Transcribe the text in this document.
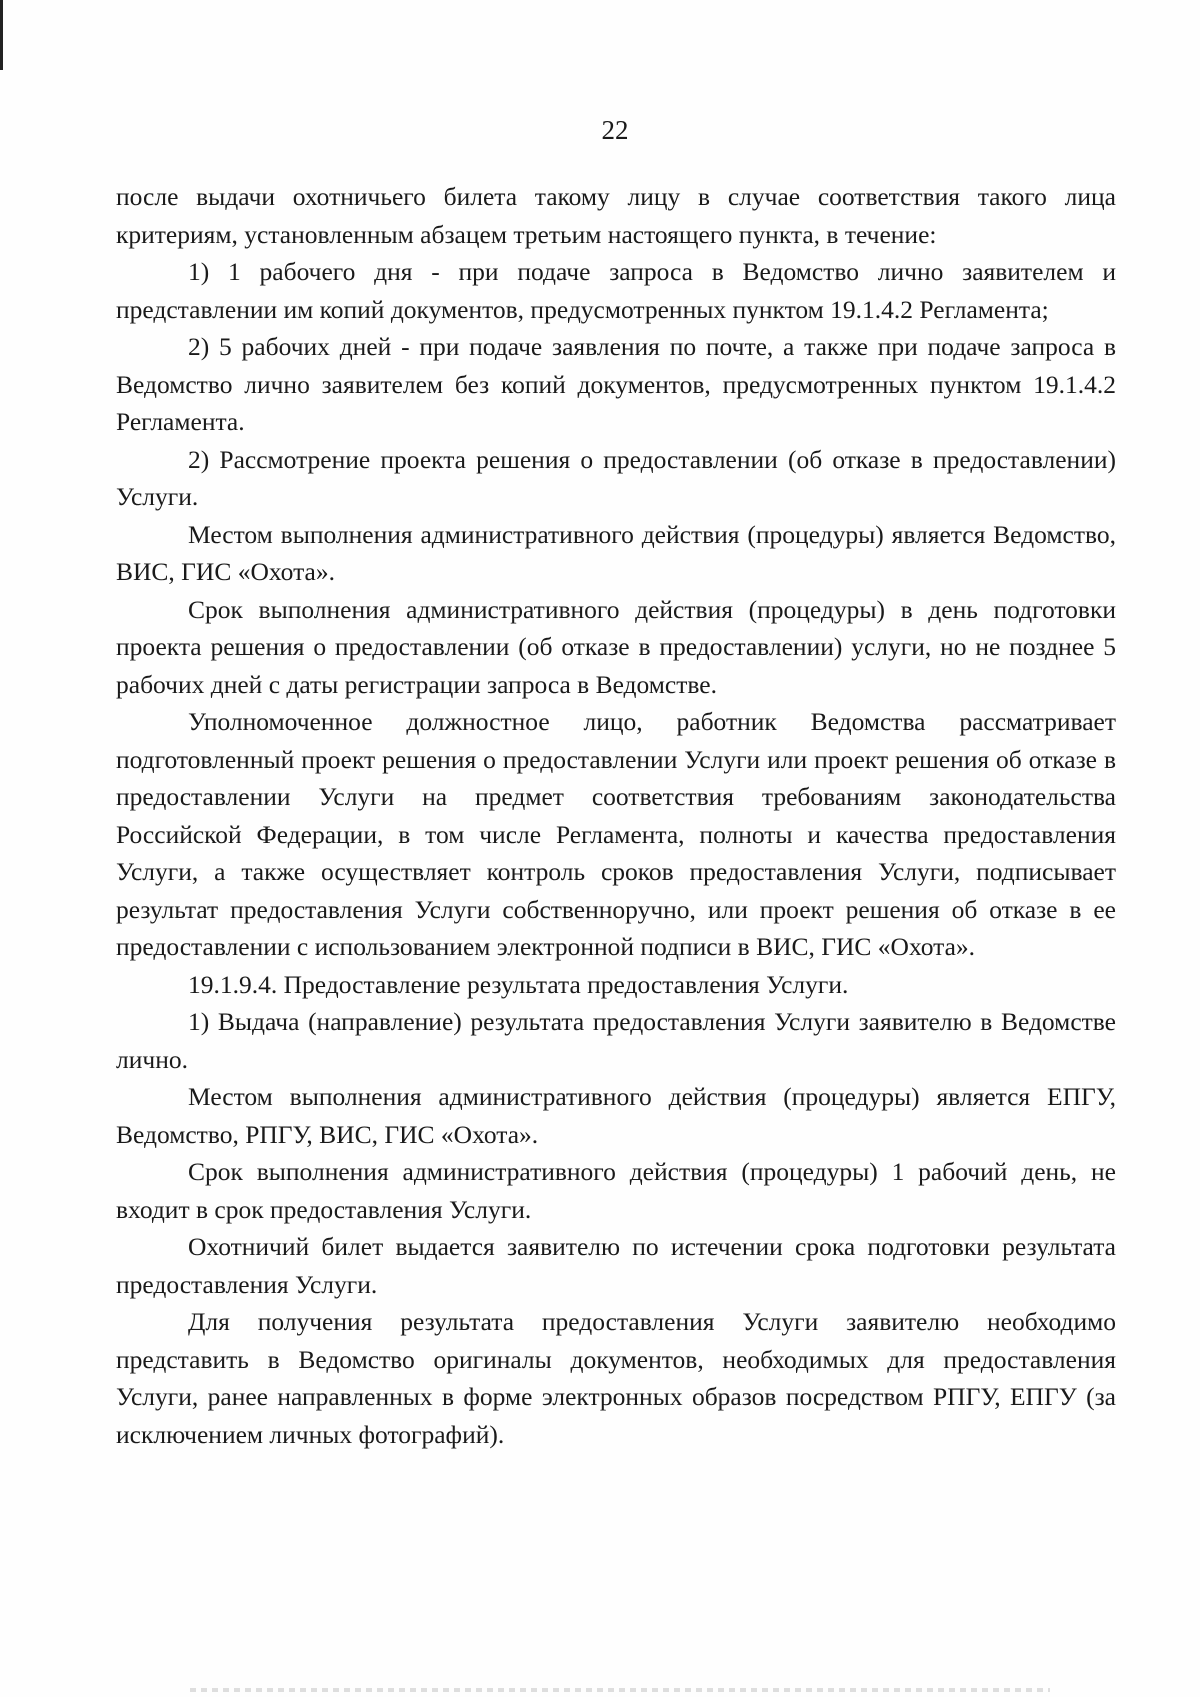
22

после выдачи охотничьего билета такому лицу в случае соответствия такого лица критериям, установленным абзацем третьим настоящего пункта, в течение:

1) 1 рабочего дня - при подаче запроса в Ведомство лично заявителем и представлении им копий документов, предусмотренных пунктом 19.1.4.2 Регламента;

2) 5 рабочих дней - при подаче заявления по почте, а также при подаче запроса в Ведомство лично заявителем без копий документов, предусмотренных пунктом 19.1.4.2 Регламента.

2) Рассмотрение проекта решения о предоставлении (об отказе в предоставлении) Услуги.

Местом выполнения административного действия (процедуры) является Ведомство, ВИС, ГИС «Охота».

Срок выполнения административного действия (процедуры) в день подготовки проекта решения о предоставлении (об отказе в предоставлении) услуги, но не позднее 5 рабочих дней с даты регистрации запроса в Ведомстве.

Уполномоченное должностное лицо, работник Ведомства рассматривает подготовленный проект решения о предоставлении Услуги или проект решения об отказе в предоставлении Услуги на предмет соответствия требованиям законодательства Российской Федерации, в том числе Регламента, полноты и качества предоставления Услуги, а также осуществляет контроль сроков предоставления Услуги, подписывает результат предоставления Услуги собственноручно, или проект решения об отказе в ее предоставлении с использованием электронной подписи в ВИС, ГИС «Охота».

19.1.9.4. Предоставление результата предоставления Услуги.

1) Выдача (направление) результата предоставления Услуги заявителю в Ведомстве лично.

Местом выполнения административного действия (процедуры) является ЕПГУ, Ведомство, РПГУ, ВИС, ГИС «Охота».

Срок выполнения административного действия (процедуры) 1 рабочий день, не входит в срок предоставления Услуги.

Охотничий билет выдается заявителю по истечении срока подготовки результата предоставления Услуги.

Для получения результата предоставления Услуги заявителю необходимо представить в Ведомство оригиналы документов, необходимых для предоставления Услуги, ранее направленных в форме электронных образов посредством РПГУ, ЕПГУ (за исключением личных фотографий).
